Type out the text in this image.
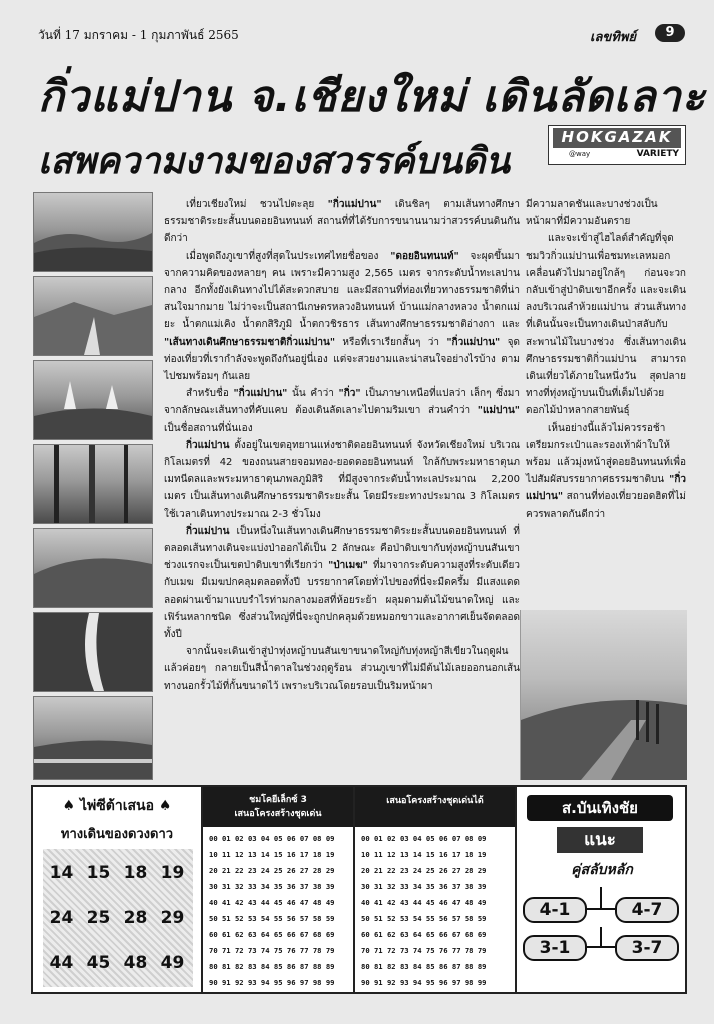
วันที่ 17 มกราคม - 1 กุมภาพันธ์ 2565	เลขทิพย์	9
กิ่วแม่ปาน จ.เชียงใหม่ เดินลัดเลาะ
เสพความงามของสวรรค์บนดิน
HOKGAZAK
@way	VARIETY

เที่ยวเชียงใหม่ ชวนไปตะลุย "กิ่วแม่ปาน" เดินชิลๆ ตามเส้นทางศึกษาธรรมชาติระยะสั้นบนดอยอินทนนท์ สถานที่ที่ได้รับการขนานนามว่าสวรรค์บนดินกันดีกว่า

เมื่อพูดถึงภูเขาที่สูงที่สุดในประเทศไทยชื่อของ "ดอยอินทนนท์" จะผุดขึ้นมาจากความคิดของหลายๆ คน เพราะมีความสูง 2,565 เมตร จากระดับน้ำทะเลปานกลาง อีกทั้งยังเดินทางไปได้สะดวกสบาย และมีสถานที่ท่องเที่ยวทางธรรมชาติที่น่าสนใจมากมาย ไม่ว่าจะเป็นสถานีเกษตรหลวงอินทนนท์ บ้านแม่กลางหลวง น้ำตกแม่ยะ น้ำตกแม่เคิง น้ำตกสิริภูมิ น้ำตกวชิรธาร เส้นทางศึกษาธรรมชาติอ่างกา และ "เส้นทางเดินศึกษาธรรมชาติกิ่วแม่ปาน" หรือที่เราเรียกสั้นๆ ว่า "กิ่วแม่ปาน" จุดท่องเที่ยวที่เรากำลังจะพูดถึงกันอยู่นี่เอง แต่จะสวยงามและน่าสนใจอย่างไรบ้าง ตามไปชมพร้อมๆ กันเลย

สำหรับชื่อ "กิ่วแม่ปาน" นั้น คำว่า "กิ่ว" เป็นภาษาเหนือที่แปลว่า เล็กๆ ซึ่งมาจากลักษณะเส้นทางที่คับแคบ ต้องเดินลัดเลาะไปตามริมเขา ส่วนคำว่า "แม่ปาน" เป็นชื่อสถานที่นั่นเอง

กิ่วแม่ปาน ตั้งอยู่ในเขตอุทยานแห่งชาติดอยอินทนนท์ จังหวัดเชียงใหม่ บริเวณกิโลเมตรที่ 42 ของถนนสายจอมทอง-ยอดดอยอินทนนท์ ใกล้กับพระมหาธาตุนภเมทนีดลและพระมหาธาตุนภพลภูมิสิริ ที่มีสูงจากระดับน้ำทะเลประมาณ 2,200 เมตร เป็นเส้นทางเดินศึกษาธรรมชาติระยะสั้น โดยมีระยะทางประมาณ 3 กิโลเมตร ใช้เวลาเดินทางประมาณ 2-3 ชั่วโมง

กิ่วแม่ปาน เป็นหนึ่งในเส้นทางเดินศึกษาธรรมชาติระยะสั้นบนดอยอินทนนท์ ที่ตลอดเส้นทางเดินจะแบ่งป่าออกได้เป็น 2 ลักษณะ คือป่าดิบเขากับทุ่งหญ้าบนสันเขา ช่วงแรกจะเป็นเขตป่าดิบเขาที่เรียกว่า "ป่าเมฆ" ที่มาจากระดับความสูงที่ระดับเดียวกับเมฆ มีเมฆปกคลุมตลอดทั้งปี บรรยากาศโดยทั่วไปของที่นี่จะมืดครึ้ม มีแสงแดดลอดผ่านเข้ามาแบบรำไรท่ามกลางมอสที่ห้อยระย้า ผลุมดามต้นไม้ขนาดใหญ่ และเฟิร์นหลากชนิด ซึ่งส่วนใหญ่ที่นี่จะถูกปกคลุมด้วยหมอกขาวและอากาศเย็นจัดตลอดทั้งปี

จากนั้นจะเดินเข้าสู่ป่าทุ่งหญ้าบนสันเขาขนาดใหญ่กับทุ่งหญ้าสีเขียวในฤดูฝนแล้วค่อยๆ กลายเป็นสีน้ำตาลในช่วงฤดูร้อน ส่วนภูเขาที่ไม่มีต้นไม้เลยออกนอกเส้นทางนอกรั้วไม้ที่กั้นขนาดไว้ เพราะบริเวณโดยรอบเป็นริมหน้าผา

มีความลาดชันและบางช่วงเป็นหน้าผาที่มีความอันตราย

และจะเข้าสู่ไฮไลต์สำคัญที่จุดชมวิวกิ่วแม่ปานเพื่อชมทะเลหมอกเคลื่อนตัวไปมาอยู่ใกล้ๆ ก่อนจะวกกลับเข้าสู่ป่าดิบเขาอีกครั้ง และจะเดินลงบริเวณลำห้วยแม่ปาน ส่วนเส้นทางที่เดินนั้นจะเป็นทางเดินป่าสลับกับสะพานไม้ในบางช่วง ซึ่งเส้นทางเดินศึกษาธรรมชาติกิ่วแม่ปาน สามารถเดินเที่ยวได้ภายในหนึ่งวัน สุดปลายทางที่ทุ่งหญ้าบนเป็นที่เต็มไปด้วยดอกไม้ป่าหลากสายพันธุ์

เห็นอย่างนี้แล้วไม่ควรรอช้า เตรียมกระเป๋าและรองเท้าผ้าใบให้พร้อม แล้วมุ่งหน้าสู่ดอยอินทนนท์เพื่อไปสัมผัสบรรยากาศธรรมชาติบน "กิ่วแม่ปาน" สถานที่ท่องเที่ยวยอดฮิตที่ไม่ควรพลาดกันดีกว่า

♠ ไพ่ซีต้าเสนอ ♠
ทางเดินของดวงดาว
14 15 18 19
24 25 28 29
44 45 48 49
ชมโคยีเล็กซ์ 3
เสนอโครงสร้างชุดเด่น
00 01 02 03 04 05 06 07 08 09
10 11 12 13 14 15 16 17 18 19
20 21 22 23 24 25 26 27 28 29
30 31 32 33 34 35 36 37 38 39
40 41 42 43 44 45 46 47 48 49
50 51 52 53 54 55 56 57 58 59
60 61 62 63 64 65 66 67 68 69
70 71 72 73 74 75 76 77 78 79
80 81 82 83 84 85 86 87 88 89
90 91 92 93 94 95 96 97 98 99
เสนอโครงสร้างชุดเด่นได้
00 01 02 03 04 05 06 07 08 09
10 11 12 13 14 15 16 17 18 19
20 21 22 23 24 25 26 27 28 29
30 31 32 33 34 35 36 37 38 39
40 41 42 43 44 45 46 47 48 49
50 51 52 53 54 55 56 57 58 59
60 61 62 63 64 65 66 67 68 69
70 71 72 73 74 75 76 77 78 79
80 81 82 83 84 85 86 87 88 89
90 91 92 93 94 95 96 97 98 99
ส.บันเทิงชัย
แนะ
คู่สลับหลัก
4-1	4-7
3-1	3-7
